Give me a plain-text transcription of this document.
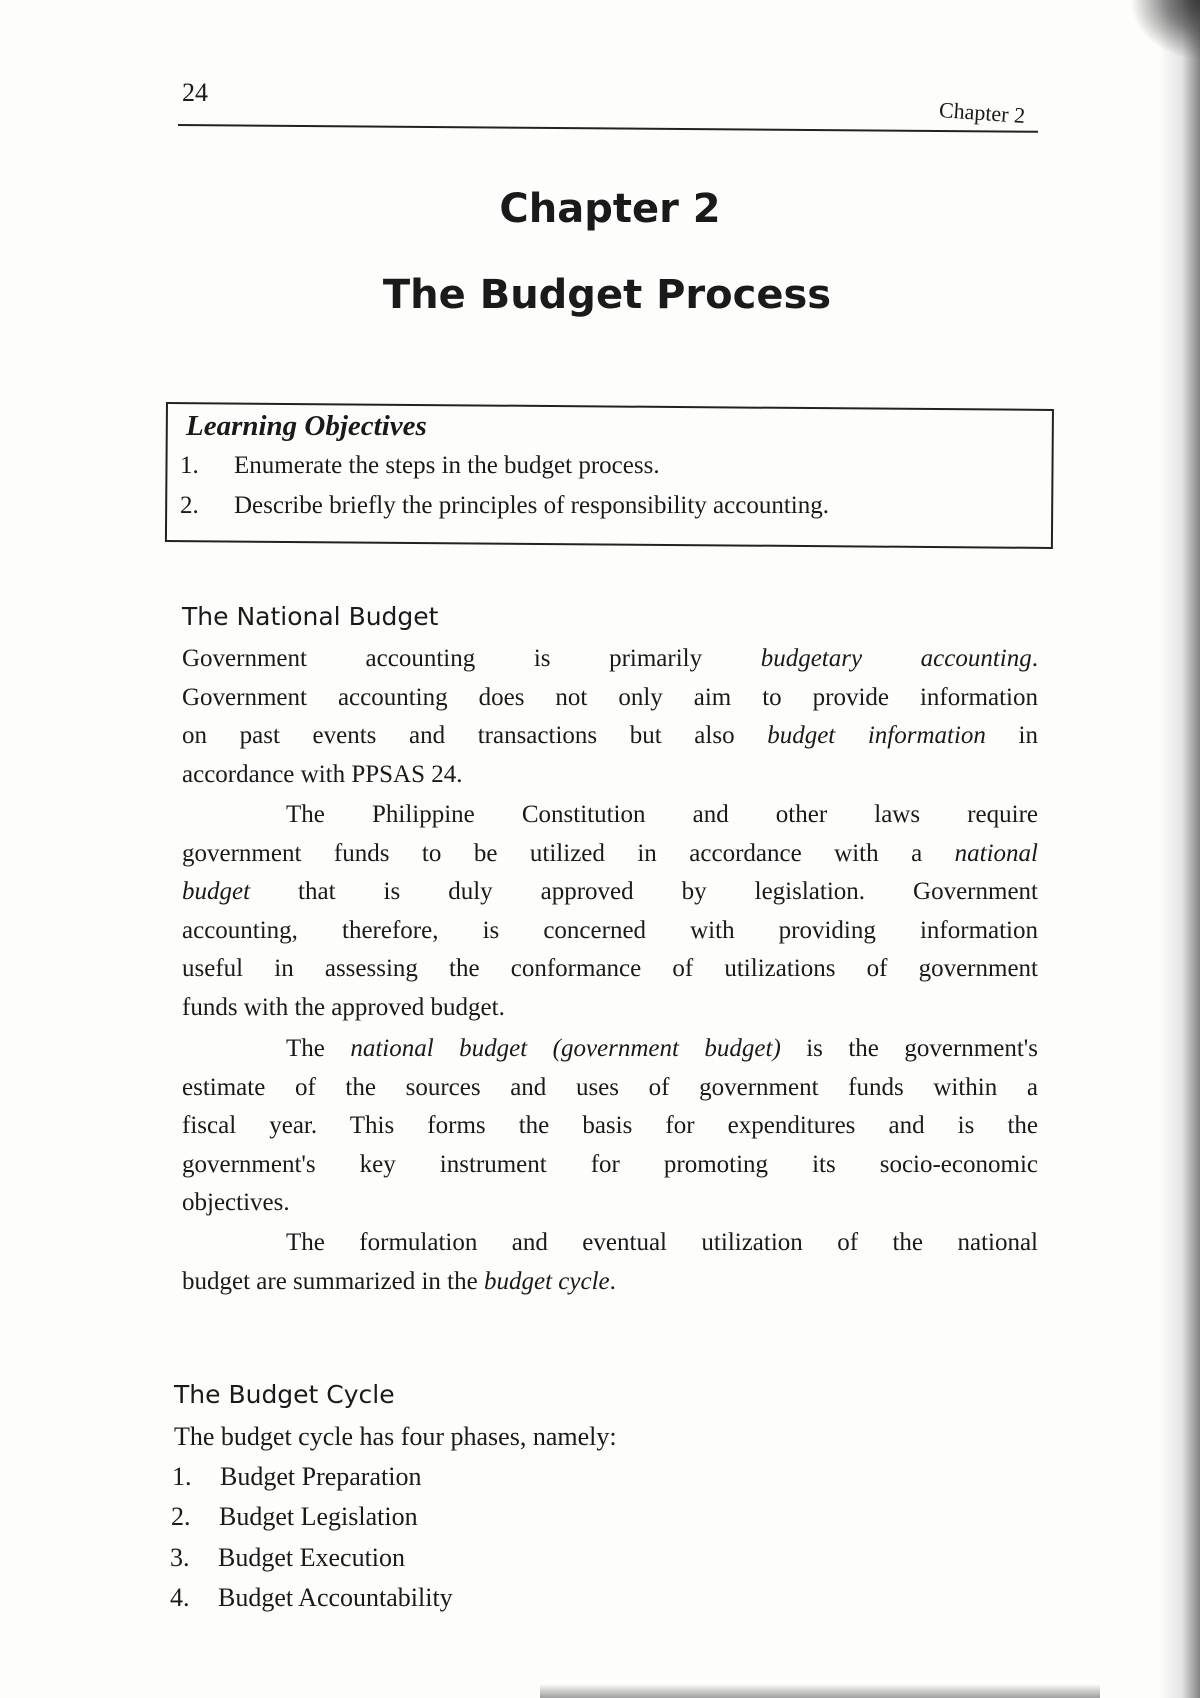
24
Chapter 2
Chapter 2
The Budget Process
Learning Objectives
1. Enumerate the steps in the budget process.
2. Describe briefly the principles of responsibility accounting.
The National Budget
Government accounting is primarily budgetary accounting.
Government accounting does not only aim to provide information
on past events and transactions but also budget information in
accordance with PPSAS 24.
The Philippine Constitution and other laws require
government funds to be utilized in accordance with a national
budget that is duly approved by legislation. Government
accounting, therefore, is concerned with providing information
useful in assessing the conformance of utilizations of government
funds with the approved budget.
The national budget (government budget) is the government's
estimate of the sources and uses of government funds within a
fiscal year. This forms the basis for expenditures and is the
government's key instrument for promoting its socio-economic
objectives.
The formulation and eventual utilization of the national
budget are summarized in the budget cycle.
The Budget Cycle
The budget cycle has four phases, namely:
1. Budget Preparation
2. Budget Legislation
3. Budget Execution
4. Budget Accountability
